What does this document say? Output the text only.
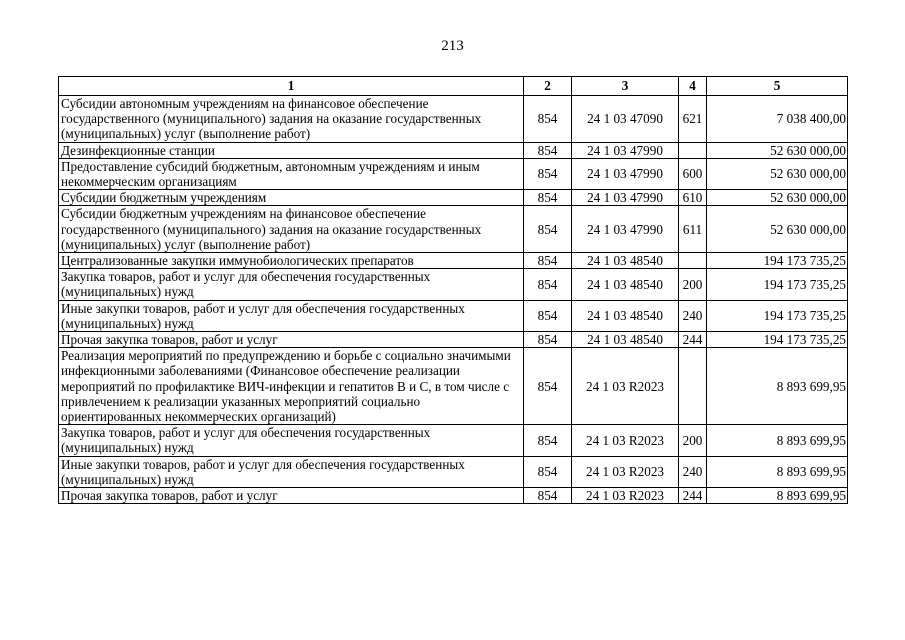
213
1	2	3	4	5
Субсидии автономным учреждениям на финансовое обеспечение государственного (муниципального) задания на оказание государственных (муниципальных) услуг (выполнение работ)	854	24 1 03 47090	621	7 038 400,00
Дезинфекционные станции	854	24 1 03 47990		52 630 000,00
Предоставление субсидий бюджетным, автономным учреждениям и иным некоммерческим организациям	854	24 1 03 47990	600	52 630 000,00
Субсидии бюджетным учреждениям	854	24 1 03 47990	610	52 630 000,00
Субсидии бюджетным учреждениям на финансовое обеспечение государственного (муниципального) задания на оказание государственных (муниципальных) услуг (выполнение работ)	854	24 1 03 47990	611	52 630 000,00
Централизованные закупки иммунобиологических препаратов	854	24 1 03 48540		194 173 735,25
Закупка товаров, работ и услуг для обеспечения государственных (муниципальных) нужд	854	24 1 03 48540	200	194 173 735,25
Иные закупки товаров, работ и услуг для обеспечения государственных (муниципальных) нужд	854	24 1 03 48540	240	194 173 735,25
Прочая закупка товаров, работ и услуг	854	24 1 03 48540	244	194 173 735,25
Реализация мероприятий по предупреждению и борьбе с социально значимыми инфекционными заболеваниями (Финансовое обеспечение реализации мероприятий по профилактике ВИЧ-инфекции и гепатитов В и С, в том числе с привлечением к реализации указанных мероприятий социально ориентированных некоммерческих организаций)	854	24 1 03 R2023		8 893 699,95
Закупка товаров, работ и услуг для обеспечения государственных (муниципальных) нужд	854	24 1 03 R2023	200	8 893 699,95
Иные закупки товаров, работ и услуг для обеспечения государственных (муниципальных) нужд	854	24 1 03 R2023	240	8 893 699,95
Прочая закупка товаров, работ и услуг	854	24 1 03 R2023	244	8 893 699,95
